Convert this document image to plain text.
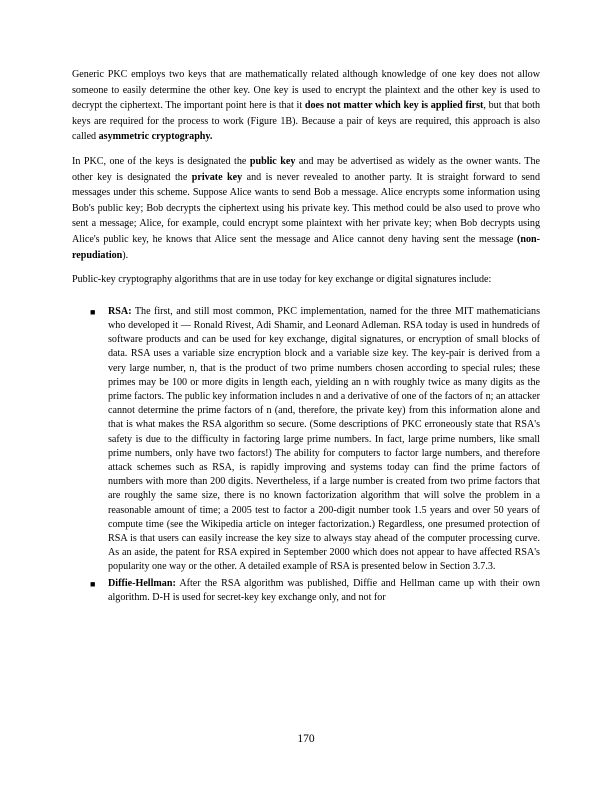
Generic PKC employs two keys that are mathematically related although knowledge of one key does not allow someone to easily determine the other key. One key is used to encrypt the plaintext and the other key is used to decrypt the ciphertext. The important point here is that it does not matter which key is applied first, but that both keys are required for the process to work (Figure 1B). Because a pair of keys are required, this approach is also called asymmetric cryptography.

In PKC, one of the keys is designated the public key and may be advertised as widely as the owner wants. The other key is designated the private key and is never revealed to another party. It is straight forward to send messages under this scheme. Suppose Alice wants to send Bob a message. Alice encrypts some information using Bob's public key; Bob decrypts the ciphertext using his private key. This method could be also used to prove who sent a message; Alice, for example, could encrypt some plaintext with her private key; when Bob decrypts using Alice's public key, he knows that Alice sent the message and Alice cannot deny having sent the message (non-repudiation).

Public-key cryptography algorithms that are in use today for key exchange or digital signatures include:

■ RSA: The first, and still most common, PKC implementation, named for the three MIT mathematicians who developed it — Ronald Rivest, Adi Shamir, and Leonard Adleman. RSA today is used in hundreds of software products and can be used for key exchange, digital signatures, or encryption of small blocks of data. RSA uses a variable size encryption block and a variable size key. The key-pair is derived from a very large number, n, that is the product of two prime numbers chosen according to special rules; these primes may be 100 or more digits in length each, yielding an n with roughly twice as many digits as the prime factors. The public key information includes n and a derivative of one of the factors of n; an attacker cannot determine the prime factors of n (and, therefore, the private key) from this information alone and that is what makes the RSA algorithm so secure. (Some descriptions of PKC erroneously state that RSA's safety is due to the difficulty in factoring large prime numbers. In fact, large prime numbers, like small prime numbers, only have two factors!) The ability for computers to factor large numbers, and therefore attack schemes such as RSA, is rapidly improving and systems today can find the prime factors of numbers with more than 200 digits. Nevertheless, if a large number is created from two prime factors that are roughly the same size, there is no known factorization algorithm that will solve the problem in a reasonable amount of time; a 2005 test to factor a 200-digit number took 1.5 years and over 50 years of compute time (see the Wikipedia article on integer factorization.) Regardless, one presumed protection of RSA is that users can easily increase the key size to always stay ahead of the computer processing curve. As an aside, the patent for RSA expired in September 2000 which does not appear to have affected RSA's popularity one way or the other. A detailed example of RSA is presented below in Section 3.7.3.
■ Diffie-Hellman: After the RSA algorithm was published, Diffie and Hellman came up with their own algorithm. D-H is used for secret-key key exchange only, and not for
170
